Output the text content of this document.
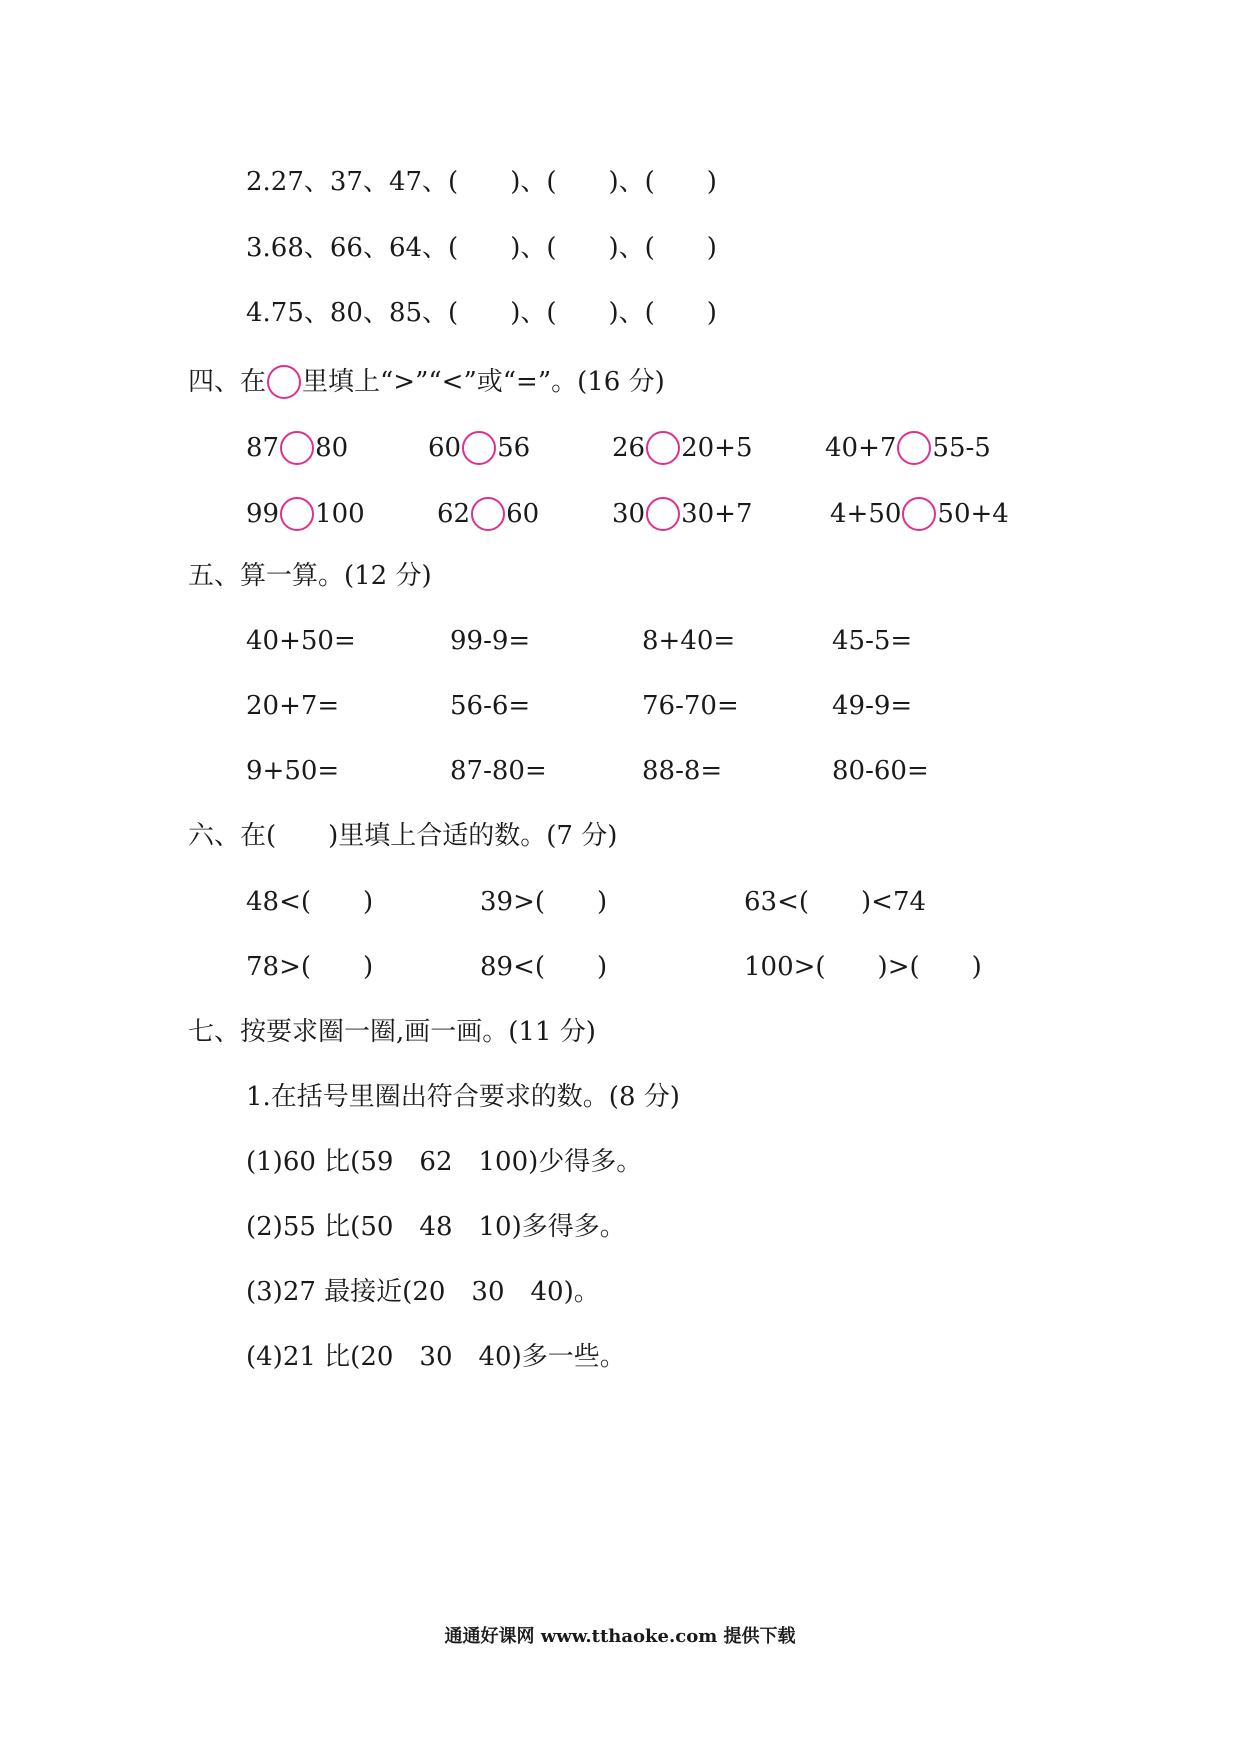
2.27、37、47、(　　)、(　　)、(　　)
3.68、66、64、(　　)、(　　)、(　　)
4.75、80、85、(　　)、(　　)、(　　)
四、在 里填上“>”“<”或“=”。(16 分)
87 80	60 56	26 20+5	40+7 55-5
99 100	62 60	30 30+7	4+50 50+4
五、算一算。(12 分)
40+50=	99-9=	8+40=	45-5=
20+7=	56-6=	76-70=	49-9=
9+50=	87-80=	88-8=	80-60=
六、在(　　)里填上合适的数。(7 分)
48<(　　)	39>(　　)	63<(　　)<74
78>(　　)	89<(　　)	100>(　　)>(　　)
七、按要求圈一圈,画一画。(11 分)
1.在括号里圈出符合要求的数。(8 分)
(1)60 比(59　62　100)少得多。
(2)55 比(50　48　10)多得多。
(3)27 最接近(20　30　40)。
(4)21 比(20　30　40)多一些。
通通好课网 www.tthaoke.com 提供下载
